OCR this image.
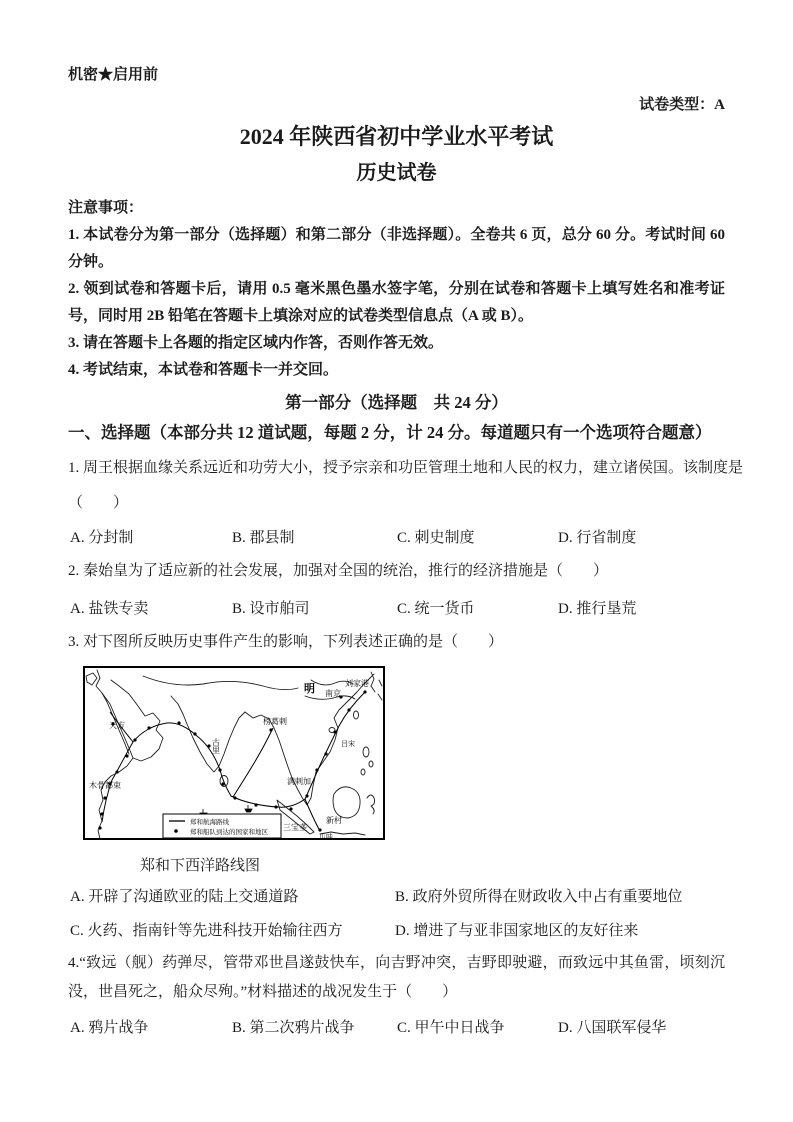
机密★启用前
试卷类型：A
2024 年陕西省初中学业水平考试
历史试卷
注意事项：
1. 本试卷分为第一部分（选择题）和第二部分（非选择题）。全卷共 6 页，总分 60 分。考试时间 60 分钟。
2. 领到试卷和答题卡后，请用 0.5 毫米黑色墨水签字笔，分别在试卷和答题卡上填写姓名和准考证号，同时用 2B 铅笔在答题卡上填涂对应的试卷类型信息点（A 或 B）。
3. 请在答题卡上各题的指定区域内作答，否则作答无效。
4. 考试结束，本试卷和答题卡一并交回。
第一部分（选择题　共 24 分）
一、选择题（本部分共 12 道试题，每题 2 分，计 24 分。每道题只有一个选项符合题意）
1. 周王根据血缘关系远近和功劳大小，授予宗亲和功臣管理土地和人民的权力，建立诸侯国。该制度是
（　　）
A. 分封制	B. 郡县制	C. 刺史制度	D. 行省制度
2. 秦始皇为了适应新的社会发展，加强对全国的统治，推行的经济措施是（　　）
A. 盐铁专卖	B. 设市舶司	C. 统一货币	D. 推行垦荒
3. 对下图所反映历史事件产生的影响，下列表述正确的是（　　）
明 南京
刘家港
榜葛剌
天方
古里
木骨都束	满剌加
三宝垄
新村
爪哇
吕宋
郑和航海路线
郑和船队到达的国家和地区
郑和下西洋路线图
A. 开辟了沟通欧亚的陆上交通道路	B. 政府外贸所得在财政收入中占有重要地位
C. 火药、指南针等先进科技开始输往西方	D. 增进了与亚非国家地区的友好往来
4.“致远（舰）药弹尽，管带邓世昌遂鼓快车，向吉野冲突，吉野即驶避，而致远中其鱼雷，顷刻沉没，世昌死之，船众尽殉。”材料描述的战况发生于（　　）
A. 鸦片战争	B. 第二次鸦片战争	C. 甲午中日战争	D. 八国联军侵华
